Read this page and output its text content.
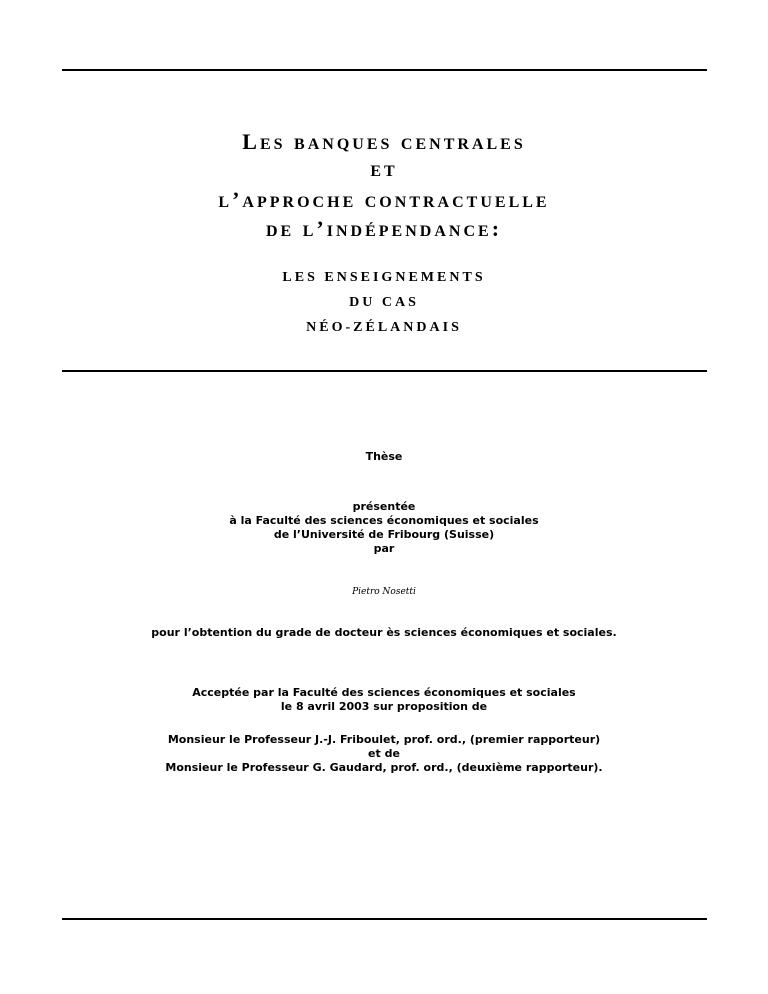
LES BANQUES CENTRALES
ET
L’APPROCHE CONTRACTUELLE
DE L’INDÉPENDANCE:
LES ENSEIGNEMENTS
DU CAS
NÉO-ZÉLANDAIS
Thèse
présentée
à la Faculté des sciences économiques et sociales
de l’Université de Fribourg (Suisse)
par
Pietro Nosetti
pour l’obtention du grade de docteur ès sciences économiques et sociales.
Acceptée par la Faculté des sciences économiques et sociales
le 8 avril 2003 sur proposition de
Monsieur le Professeur J.-J. Friboulet, prof. ord., (premier rapporteur)
et de
Monsieur le Professeur G. Gaudard, prof. ord., (deuxième rapporteur).
